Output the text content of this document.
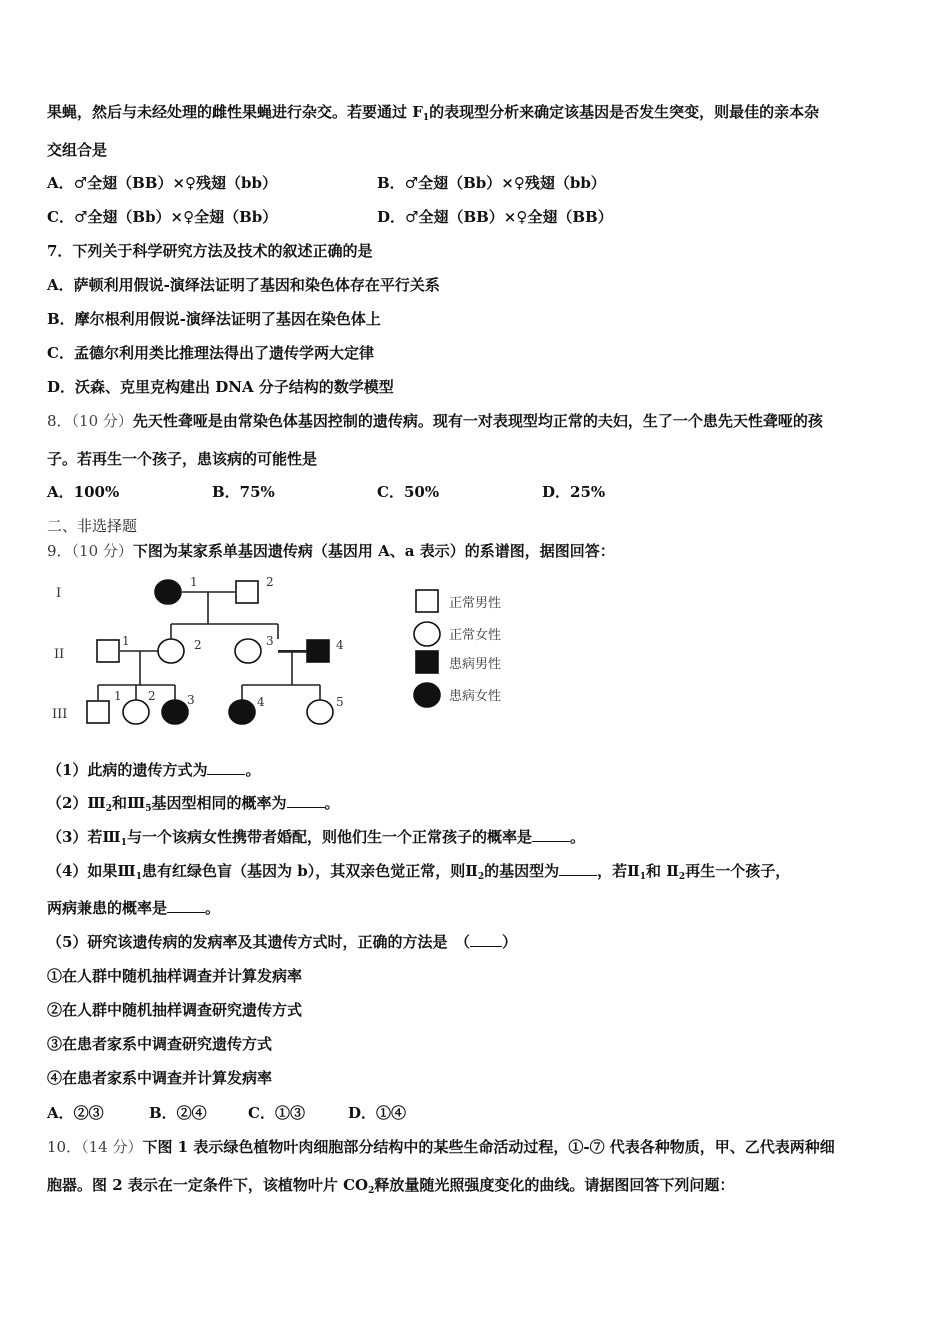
果蝇，然后与未经处理的雌性果蝇进行杂交。若要通过 $F_1$的表现型分析来确定该基因是否发生突变，则最佳的亲本杂
交组合是
A．♂全翅（BB）×♀残翅（bb）	B．♂全翅（Bb）×♀残翅（bb）
C．♂全翅（Bb）×♀全翅（Bb）	D．♂全翅（BB）×♀全翅（BB）
7．下列关于科学研究方法及技术的叙述正确的是
A．萨顿利用假说-演绎法证明了基因和染色体存在平行关系
B．摩尔根利用假说-演绎法证明了基因在染色体上
C．孟德尔利用类比推理法得出了遗传学两大定律
D．沃森、克里克构建出 DNA 分子结构的数学模型
8．（10 分）先天性聋哑是由常染色体基因控制的遗传病。现有一对表现型均正常的夫妇，生了一个患先天性聋哑的孩
子。若再生一个孩子，患该病的可能性是
A．100%	B．75%	C．50%	D．25%
二、非选择题
9．（10 分）下图为某家系单基因遗传病（基因用 A、a 表示）的系谱图，据图回答：
I
II
III
1	2
1	2	3	4
1 2	3	4	5
正常男性
正常女性
患病男性
患病女性
（1）此病的遗传方式为	。
$(2)Ⅲ_2$和$Ⅲ_5$基因型相同的概率为	。
（3）若$Ⅲ_1$与一个该病女性携带者婚配，则他们生一个正常孩子的概率是	。
（4）如果$Ⅲ_1$患有红绿色盲（基因为 b），其双亲色觉正常，则$Ⅱ_2$的基因型为	，若$Ⅱ_1$和 $Ⅱ_2$再生一个孩子，
两病兼患的概率是	。
（5）研究该遗传病的发病率及其遗传方式时，正确的方法是　（ ）
①在人群中随机抽样调查并计算发病率
②在人群中随机抽样调查研究遗传方式
③在患者家系中调查研究遗传方式
④在患者家系中调查并计算发病率
A．②③	B．②④	C．①③	D．①④
10．（14 分）下图 1 表示绿色植物叶肉细胞部分结构中的某些生命活动过程，①-⑦ 代表各种物质，甲、乙代表两种细
胞器。图 2 表示在一定条件下，该植物叶片 $CO_2$释放量随光照强度变化的曲线。请据图回答下列问题：
